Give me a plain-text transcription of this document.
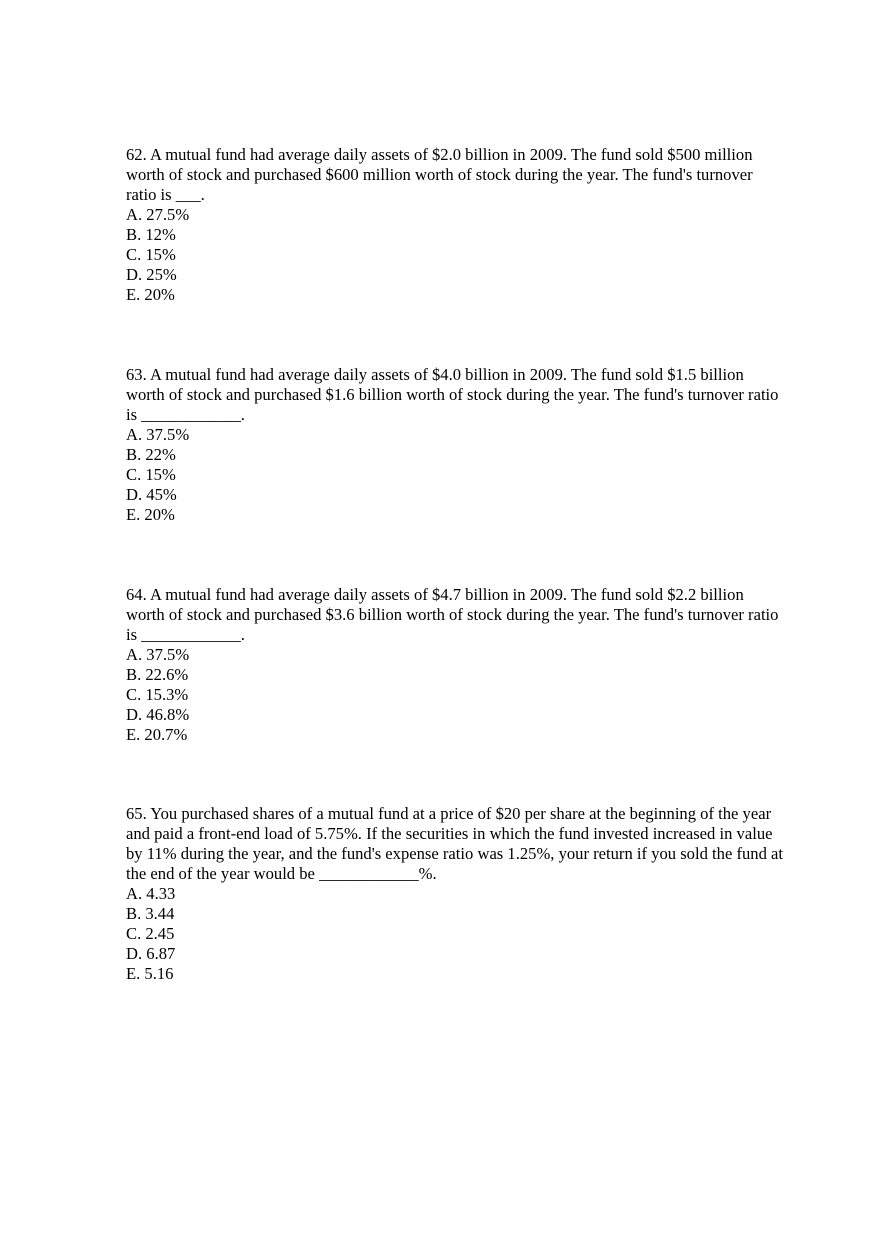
62. A mutual fund had average daily assets of $2.0 billion in 2009. The fund sold $500 million worth of stock and purchased $600 million worth of stock during the year. The fund's turnover ratio is ___.

A. 27.5%
B. 12%
C. 15%
D. 25%
E. 20%

63. A mutual fund had average daily assets of $4.0 billion in 2009. The fund sold $1.5 billion worth of stock and purchased $1.6 billion worth of stock during the year. The fund's turnover ratio is ____________.

A. 37.5%
B. 22%
C. 15%
D. 45%
E. 20%

64. A mutual fund had average daily assets of $4.7 billion in 2009. The fund sold $2.2 billion worth of stock and purchased $3.6 billion worth of stock during the year. The fund's turnover ratio is ____________.

A. 37.5%
B. 22.6%
C. 15.3%
D. 46.8%
E. 20.7%

65. You purchased shares of a mutual fund at a price of $20 per share at the beginning of the year and paid a front-end load of 5.75%. If the securities in which the fund invested increased in value by 11% during the year, and the fund's expense ratio was 1.25%, your return if you sold the fund at the end of the year would be ____________%.

A. 4.33
B. 3.44
C. 2.45
D. 6.87
E. 5.16
